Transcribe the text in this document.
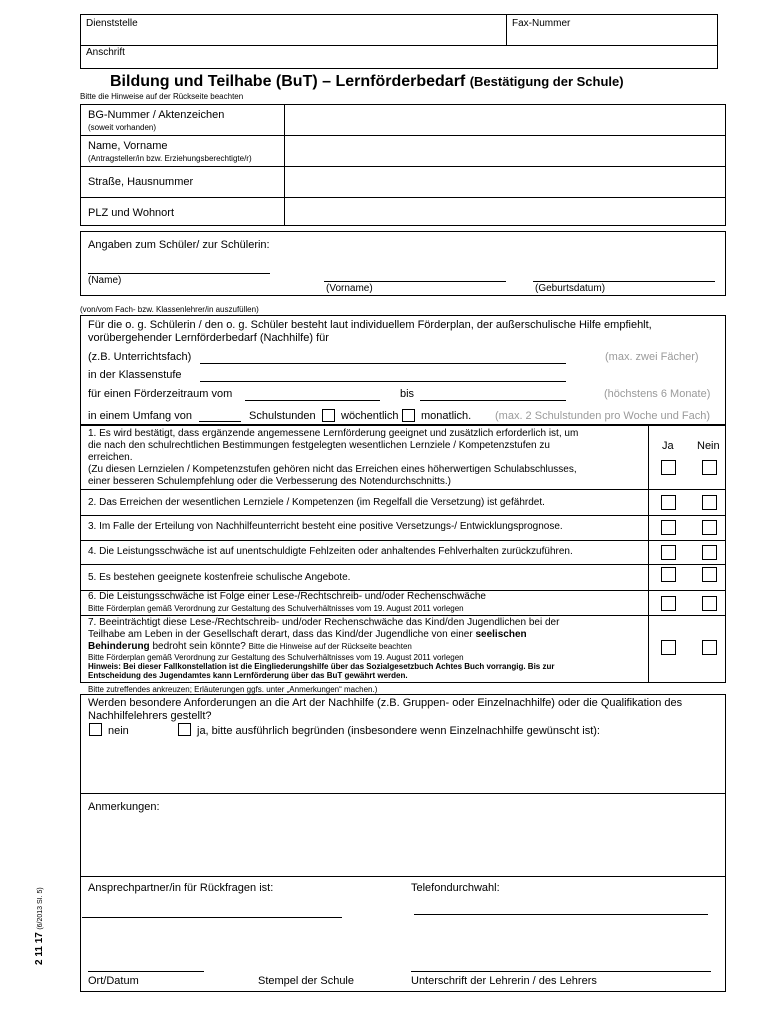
Dienststelle	Fax-Nummer
Anschrift
Bildung und Teilhabe (BuT) – Lernförderbedarf (Bestätigung der Schule)
Bitte die Hinweise auf der Rückseite beachten
BG-Nummer / Aktenzeichen
(soweit vorhanden)
Name, Vorname
(Antragsteller/in bzw. Erziehungsberechtigte/r)
Straße, Hausnummer
PLZ und Wohnort
Angaben zum Schüler/ zur Schülerin:
(Name)
(Vorname)	(Geburtsdatum)
(von/vom Fach- bzw. Klassenlehrer/in auszufüllen)
Für die o. g. Schülerin / den o. g. Schüler besteht laut individuellem Förderplan, der außerschulische Hilfe empfiehlt,
vorübergehender Lernförderbedarf (Nachhilfe) für
(z.B. Unterrichtsfach)	(max. zwei Fächer)
in der Klassenstufe
für einen Förderzeitraum vom	bis	(höchstens 6 Monate)
in einem Umfang von	Schulstunden wöchentlich monatlich. (max. 2 Schulstunden pro Woche und Fach)
Ja Nein
1. Es wird bestätigt, dass ergänzende angemessene Lernförderung geeignet und zusätzlich erforderlich ist, um
die nach den schulrechtlichen Bestimmungen festgelegten wesentlichen Lernziele / Kompetenzstufen zu
erreichen.
(Zu diesen Lernzielen / Kompetenzstufen gehören nicht das Erreichen eines höherwertigen Schulabschlusses,
einer besseren Schulempfehlung oder die Verbesserung des Notendurchschnitts.)
2. Das Erreichen der wesentlichen Lernziele / Kompetenzen (im Regelfall die Versetzung) ist gefährdet.
3. Im Falle der Erteilung von Nachhilfeunterricht besteht eine positive Versetzungs-/ Entwicklungsprognose.
4. Die Leistungsschwäche ist auf unentschuldigte Fehlzeiten oder anhaltendes Fehlverhalten zurückzuführen.
5. Es bestehen geeignete kostenfreie schulische Angebote.
6. Die Leistungsschwäche ist Folge einer Lese-/Rechtschreib- und/oder Rechenschwäche
Bitte Förderplan gemäß Verordnung zur Gestaltung des Schulverhältnisses vom 19. August 2011 vorlegen
7. Beeinträchtigt diese Lese-/Rechtschreib- und/oder Rechenschwäche das Kind/den Jugendlichen bei der
Teilhabe am Leben in der Gesellschaft derart, dass das Kind/der Jugendliche von einer seelischen
Behinderung bedroht sein könnte? Bitte die Hinweise auf der Rückseite beachten
Bitte Förderplan gemäß Verordnung zur Gestaltung des Schulverhältnisses vom 19. August 2011 vorlegen
Hinweis: Bei dieser Fallkonstellation ist die Eingliederungshilfe über das Sozialgesetzbuch Achtes Buch vorrangig. Bis zur
Entscheidung des Jugendamtes kann Lernförderung über das BuT gewährt werden.
Bitte zutreffendes ankreuzen; Erläuterungen ggfs. unter „Anmerkungen“ machen.)
Werden besondere Anforderungen an die Art der Nachhilfe (z.B. Gruppen- oder Einzelnachhilfe) oder die Qualifikation des
Nachhilfelehrers gestellt?
nein	ja, bitte ausführlich begründen (insbesondere wenn Einzelnachhilfe gewünscht ist):
Anmerkungen:
Ansprechpartner/in für Rückfragen ist:	Telefondurchwahl:
Ort/Datum	Stempel der Schule	Unterschrift der Lehrerin / des Lehrers
2 11 17 (6/2013 SI. 5)
